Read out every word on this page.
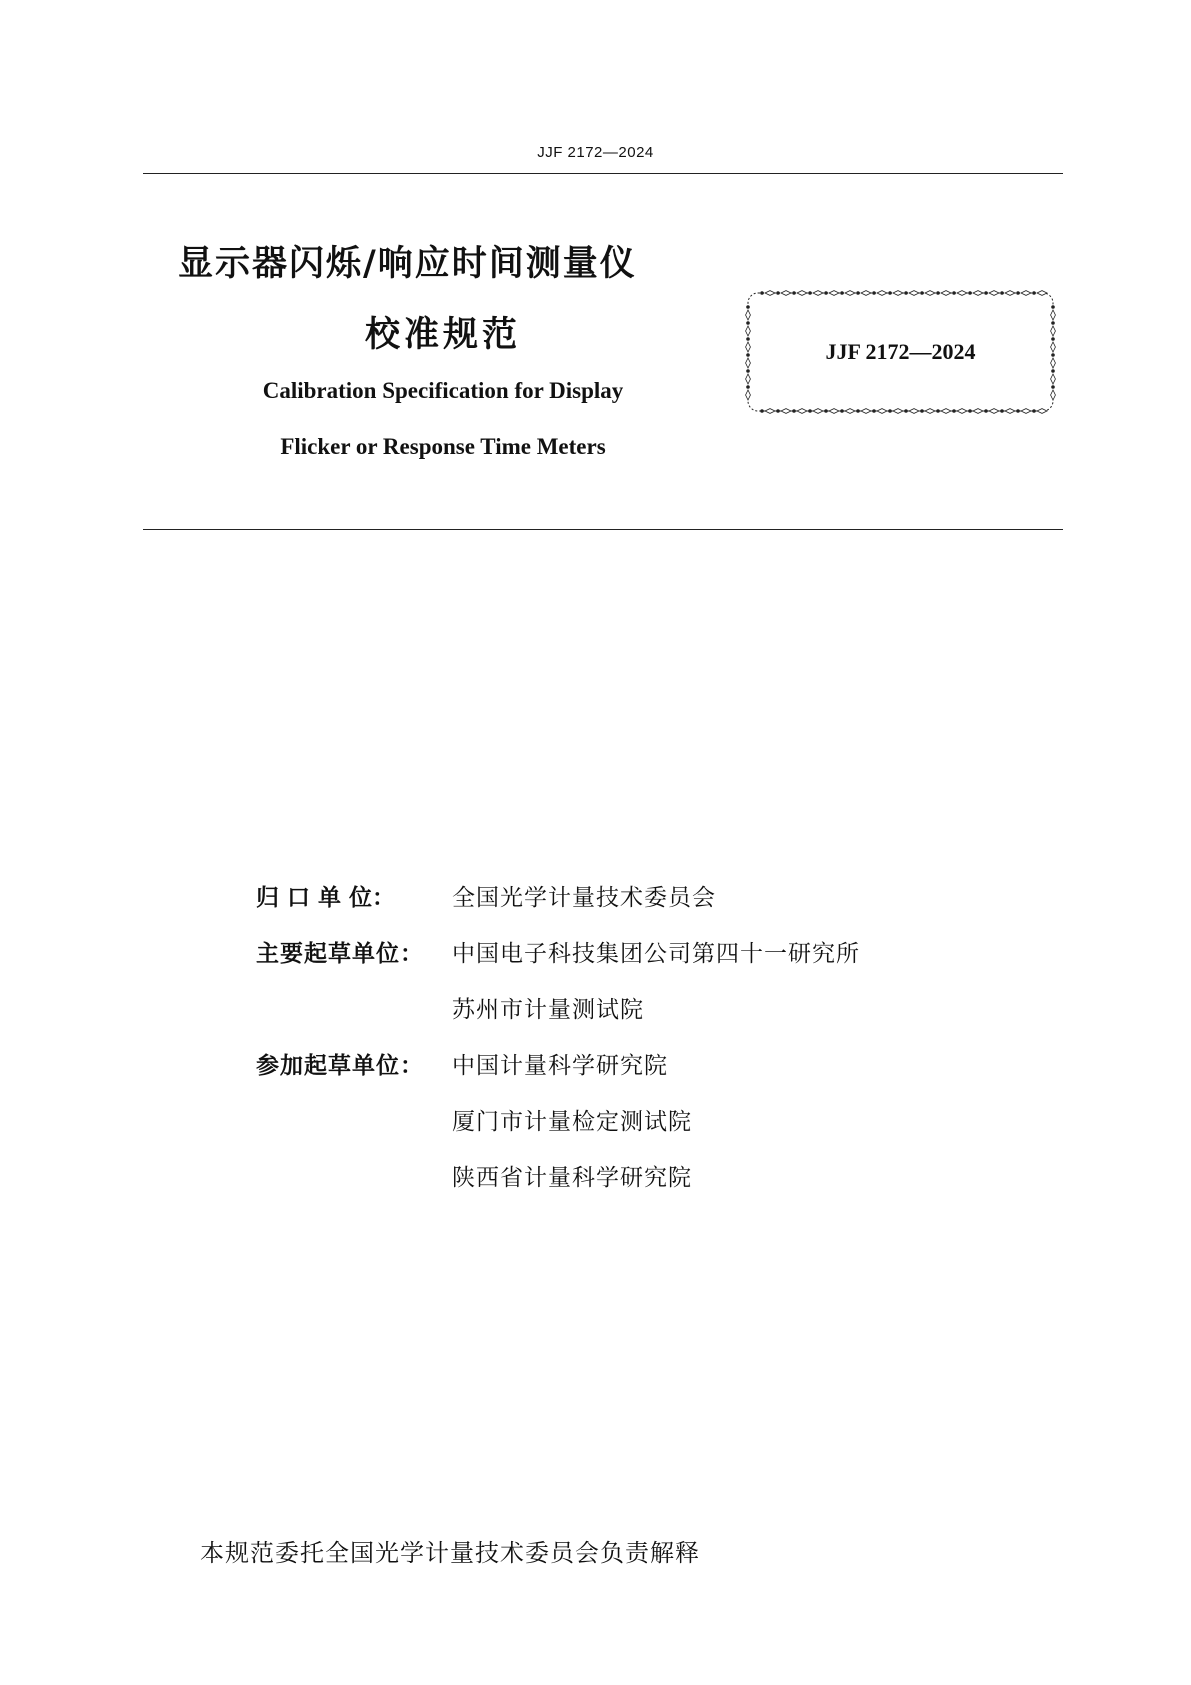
JJF 2172—2024
显示器闪烁/响应时间测量仪
校准规范
Calibration Specification for Display
Flicker or Response Time Meters
JJF 2172—2024
归 口 单 位： 全国光学计量技术委员会
主要起草单位： 中国电子科技集团公司第四十一研究所
苏州市计量测试院
参加起草单位： 中国计量科学研究院
厦门市计量检定测试院
陕西省计量科学研究院
本规范委托全国光学计量技术委员会负责解释
